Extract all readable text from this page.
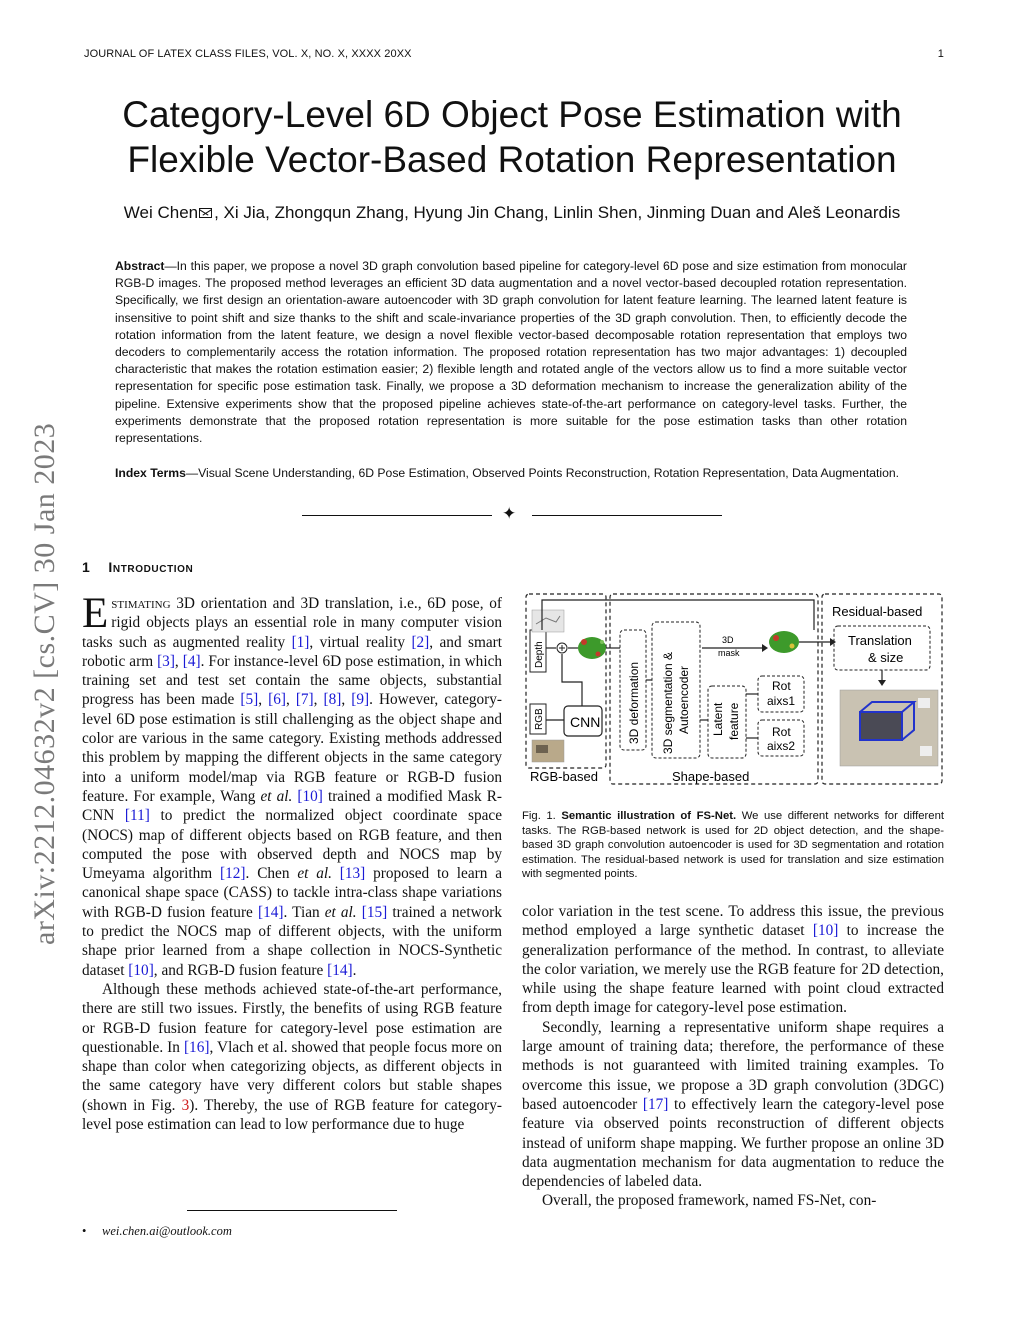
JOURNAL OF LATEX CLASS FILES, VOL. X, NO. X, XXXX 20XX	1
arXiv:2212.04632v2 [cs.CV] 30 Jan 2023
Category-Level 6D Object Pose Estimation with Flexible Vector-Based Rotation Representation
Wei Chen , Xi Jia, Zhongqun Zhang, Hyung Jin Chang, Linlin Shen, Jinming Duan and Aleš Leonardis
Abstract—In this paper, we propose a novel 3D graph convolution based pipeline for category-level 6D pose and size estimation from monocular RGB-D images. The proposed method leverages an efficient 3D data augmentation and a novel vector-based decoupled rotation representation. Specifically, we first design an orientation-aware autoencoder with 3D graph convolution for latent feature learning. The learned latent feature is insensitive to point shift and size thanks to the shift and scale-invariance properties of the 3D graph convolution. Then, to efficiently decode the rotation information from the latent feature, we design a novel flexible vector-based decomposable rotation representation that employs two decoders to complementarily access the rotation information. The proposed rotation representation has two major advantages: 1) decoupled characteristic that makes the rotation estimation easier; 2) flexible length and rotated angle of the vectors allow us to find a more suitable vector representation for specific pose estimation task. Finally, we propose a 3D deformation mechanism to increase the generalization ability of the pipeline. Extensive experiments show that the proposed pipeline achieves state-of-the-art performance on category-level tasks. Further, the experiments demonstrate that the proposed rotation representation is more suitable for the pose estimation tasks than other rotation representations.
Index Terms—Visual Scene Understanding, 6D Pose Estimation, Observed Points Reconstruction, Rotation Representation, Data Augmentation.
✦
1 Introduction

Estimating 3D orientation and 3D translation, i.e., 6D pose, of rigid objects plays an essential role in many computer vision tasks such as augmented reality [1], virtual reality [2], and smart robotic arm [3], [4]. For instance-level 6D pose estimation, in which training set and test set contain the same objects, substantial progress has been made [5], [6], [7], [8], [9]. However, category-level 6D pose estimation is still challenging as the object shape and color are various in the same category. Existing methods addressed this problem by mapping the different objects in the same category into a uniform model/map via RGB feature or RGB-D fusion feature. For example, Wang et al. [10] trained a modified Mask R-CNN [11] to predict the normalized object coordinate space (NOCS) map of different objects based on RGB feature, and then computed the pose with observed depth and NOCS map by Umeyama algorithm [12]. Chen et al. [13] proposed to learn a canonical shape space (CASS) to tackle intra-class shape variations with RGB-D fusion feature [14]. Tian et al. [15] trained a network to predict the NOCS map of different objects, with the uniform shape prior learned from a shape collection in NOCS-Synthetic dataset [10], and RGB-D fusion feature [14].

Although these methods achieved state-of-the-art performance, there are still two issues. Firstly, the benefits of using RGB feature or RGB-D fusion feature for category-level pose estimation are questionable. In [16], Vlach et al. showed that people focus more on shape than color when categorizing objects, as different objects in the same category have very different colors but stable shapes (shown in Fig. 3). Thereby, the use of RGB feature for category-level pose estimation can lead to low performance due to huge

• wei.chen.ai@outlook.com
Depth
RGB CNN 3D deformation 3D segmentation & Autoencoder
3D
mask
Latent feature
Rot
aixs1
Rot
aixs2
Residual-based
Translation
& size
RGB-based	Shape-based
Fig. 1. Semantic illustration of FS-Net. We use different networks for different tasks. The RGB-based network is used for 2D object detection, and the shape-based 3D graph convolution autoencoder is used for 3D segmentation and rotation estimation. The residual-based network is used for translation and size estimation with segmented points.

color variation in the test scene. To address this issue, the previous method employed a large synthetic dataset [10] to increase the generalization performance of the method. In contrast, to alleviate the color variation, we merely use the RGB feature for 2D detection, while using the shape feature learned with point cloud extracted from depth image for category-level pose estimation.

Secondly, learning a representative uniform shape requires a large amount of training data; therefore, the performance of these methods is not guaranteed with limited training examples. To overcome this issue, we propose a 3D graph convolution (3DGC) based autoencoder [17] to effectively learn the category-level pose feature via observed points reconstruction of different objects instead of uniform shape mapping. We further propose an online 3D data augmentation mechanism for data augmentation to reduce the dependencies of labeled data.

Overall, the proposed framework, named FS-Net, con-
